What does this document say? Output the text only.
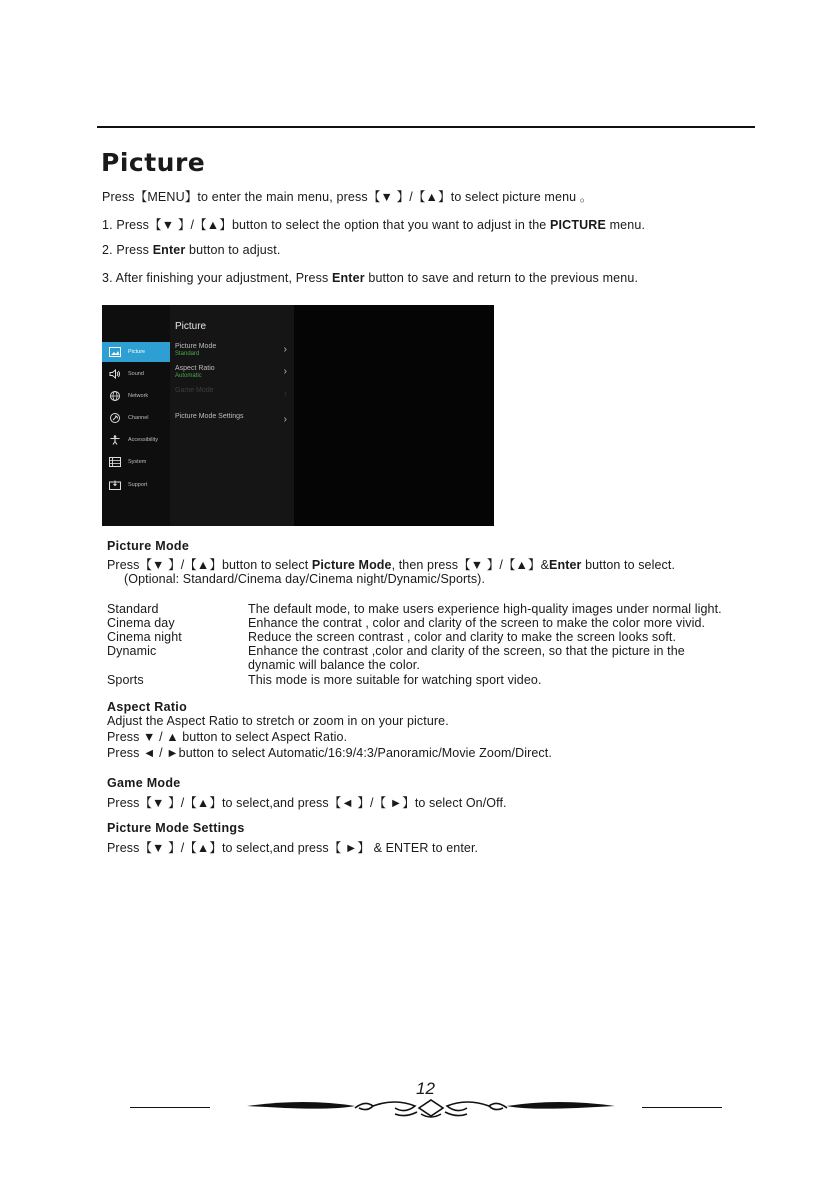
Picture
Press【MENU】to enter the main menu, press【▼ 】/【▲】to select picture menu 。
1. Press【▼ 】/【▲】button to select the option that you want to adjust in the PICTURE menu.
2. Press Enter button to adjust.
3. After finishing your adjustment, Press Enter button to save and return to the previous menu.
Picture
Picture
Sound
Network
Channel
Accessibility
System
Support
Picture Mode
Standard	›
Aspect Ratio
Automatic	›
Game Mode	›
Picture Mode Settings	›
Picture Mode
Press【▼ 】/【▲】button to select Picture Mode, then press【▼ 】/【▲】&Enter button to select.
(Optional: Standard/Cinema day/Cinema night/Dynamic/Sports).
Standard	The default mode, to make users experience high-quality images under normal light.
Cinema day	Enhance the contrat , color and clarity of the screen to make the color more vivid.
Cinema night	Reduce the screen contrast , color and clarity to make the screen looks soft.
Dynamic	Enhance the contrast ,color and clarity of the screen, so that the picture in the
dynamic will balance the color.
Sports	This mode is more suitable for watching sport video.
Aspect Ratio
Adjust the Aspect Ratio to stretch or zoom in on your picture.
Press ▼ / ▲ button to select Aspect Ratio.
Press ◄ / ►button to select Automatic/16:9/4:3/Panoramic/Movie Zoom/Direct.
Game Mode
Press【▼ 】/【▲】to select,and press【◄ 】/【 ►】to select On/Off.
Picture Mode Settings
Press【▼ 】/【▲】to select,and press【 ►】 & ENTER to enter.
12
